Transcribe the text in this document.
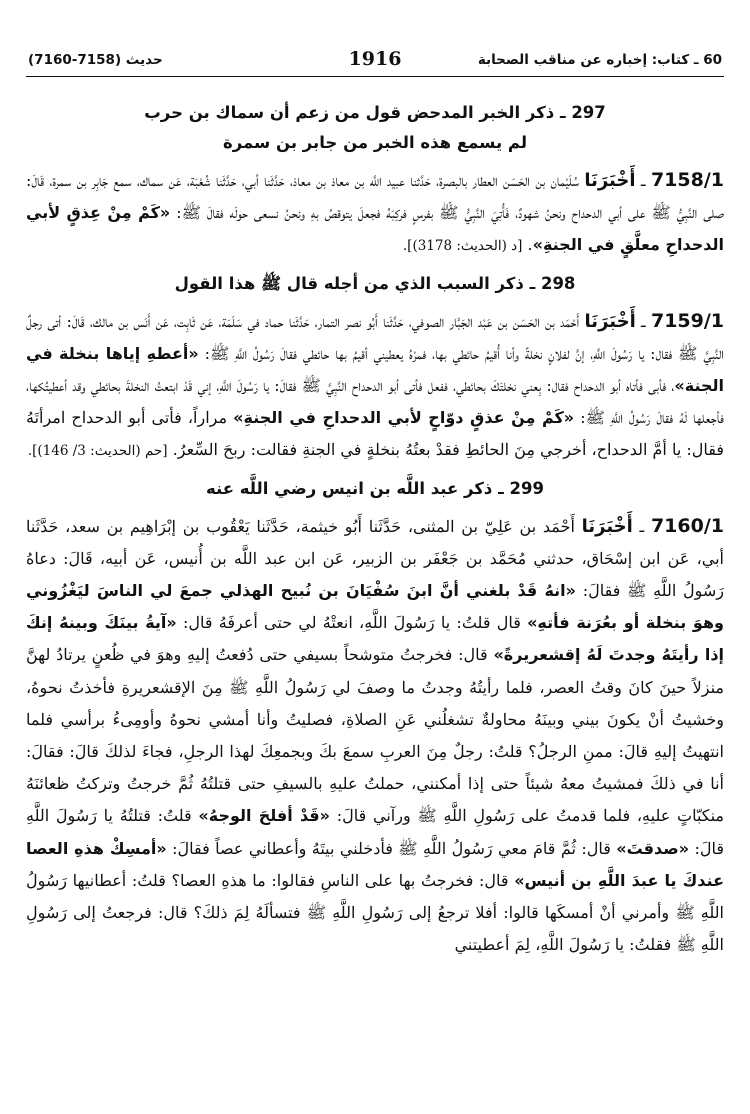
60 ـ كتاب: إخباره عن مناقب الصحابة
1916
حديث (7158-7160)
297 ـ ذكر الخبر المدحض قول من زعم أن سماك بن حرب
لم يسمع هذه الخبر من جابر بن سمرة

7158/1 ـ أَخْبَرَنَا سُلَيْمان بن الحَسَن العطار بالبصرة، حَدَّثنا عبيد اللَّه بن معاذ بن معاذ، حَدَّثَنا أبي، حَدَّثَنا شُعْبَة، عَن سماك، سمع جَابِر بن سمرة، قَالَ: صلى النَّبِيُّ ﷺ على أبي الدحداح ونحنُ شهودٌ، فَأُتِيَ النَّبِيُّ ﷺ بفرسٍ فركِبَهُ فجعلَ يتوقصُ بهِ ونحنُ نسعى حولَه فقالَ ﷺ: «كَمْ مِنْ عِذقٍ لأبي الدحداحِ معلَّقٍ في الجنةِ». [د (الحديث: 3178)].

298 ـ ذكر السبب الذي من أجله قال ﷺ هذا القول

7159/1 ـ أَخْبَرَنَا أَحْمَد بن الحَسَن بن عَبْد الجَبَّار الصوفي، حَدَّثَنا أَبُو نصر التمار، حَدَّثَنا حماد في سَلَمَة، عَن ثَابِت، عَن أَنَس بن مالك، قَالَ: أتى رجلٌ النَّبِيَّ ﷺ فقال: يا رَسُولَ اللَّهِ، إنَّ لفلانٍ نخلةً وأنا أُقيمُ حائطي بها، فمرْهُ يعطيني أقيمُ بها حائطي فقالَ رَسُولُ اللَّهِ ﷺ: «أعطهِ إياها بنخلة في الجنة»، فأبى فأتاه أبو الدحداح فقال: بِعني نخلتَكَ بحائطي، ففعل فأتى أبو الدحداح النَّبِيَّ ﷺ فقالَ: يا رَسُولَ اللَّهِ، إني قَدْ ابتعتُ النخلةَ بحائطي وقد أعطيتُكها، فأجعلها لَهُ فقالَ رَسُولُ اللَّهِ ﷺ: «كَمْ مِنْ عذقٍ دوّاحٍ لأبي الدحداحِ في الجنةِ» مراراً، فأتى أبو الدحداح امرأتَهُ فقال: يا أمَّ الدحداح، أخرجي مِنَ الحائطِ فقدْ بعتُهُ بنخلةٍ في الجنةِ فقالت: ربحَ السِّعرُ. [حم (الحديث: 3/ 146)].

299 ـ ذكر عبد اللَّه بن انيس رضي اللَّه عنه

7160/1 ـ أَخْبَرَنَا أَحْمَد بن عَلِيّ بن المثنى، حَدَّثَنا أَبُو خيثمة، حَدَّثَنا يَعْقُوب بن إبْرَاهِيم بن سعد، حَدَّثَنا أبي، عَن ابن إسْحَاق، حدثني مُحَمَّد بن جَعْفَر بن الزبير، عَن ابن عبد اللَّه بن أُنيس، عَن أبيه، قَالَ: دعاهُ رَسُولُ اللَّهِ ﷺ فقالَ: «انهُ قَدْ بلغني أنَّ ابنَ سُفْيَانَ بن نُبيح الهذلي جمعَ لي الناسَ ليَغْزُوني وهوَ بنخلة أو بعُرَنة فأتهِ» قال قلتُ: يا رَسُولَ اللَّهِ، انعتْهُ لي حتى أعرفَهُ قال: «آيةُ بينَكَ وبينهُ إنكَ إذا رأيتَهُ وجدتَ لَهُ إقشعريرةً» قال: فخرجتُ متوشحاً بسيفي حتى دُفعتُ إليهِ وهوَ في ظُعنٍ يرتادُ لهنَّ منزلاً حينَ كانَ وقتُ العصر، فلما رأيتُهُ وجدتُ ما وصفَ لي رَسُولُ اللَّهِ ﷺ مِنَ الإقشعريرةِ فأخذتُ نحوهُ، وخشيتُ أنْ يكونَ بيني وبينَهُ محاولةٌ تشغلُني عَنِ الصلاةِ، فصليتُ وأنا أمشي نحوهُ وأومِىءُ برأسي فلما انتهيتُ إليهِ قالَ: ممنِ الرجلُ؟ قلتُ: رجلٌ مِنَ العربِ سمعَ بكَ وبجمعِكَ لهذا الرجلِ، فجاءَ لذلكَ قالَ: فقالَ: أنا في ذلكَ فمشيتُ معهُ شيئاً حتى إذا أمكنني، حملتُ عليهِ بالسيفِ حتى قتلتُهُ ثُمَّ خرجتُ وتركتُ ظعائنَهُ منكبّاتٍ عليهِ، فلما قدمتُ على رَسُولِ اللَّهِ ﷺ ورآني قالَ: «قَدْ أفلحَ الوجهُ» قلتُ: قتلتُهُ يا رَسُولَ اللَّهِ قالَ: «صدقتَ» قال: ثُمَّ قامَ معي رَسُولُ اللَّهِ ﷺ فأدخلني بيتَهُ وأعطاني عصاً فقالَ: «أمسِكْ هذهِ العصا عندكَ يا عبدَ اللَّهِ بن أنيس» قال: فخرجتُ بها على الناسِ فقالوا: ما هذهِ العصا؟ قلتُ: أعطانيها رَسُولُ اللَّهِ ﷺ وأمرني أنْ أمسكَها قالوا: أفلا ترجعُ إلى رَسُولِ اللَّهِ ﷺ فتسألَهُ لِمَ ذلكَ؟ قال: فرجعتُ إلى رَسُولِ اللَّهِ ﷺ فقلتُ: يا رَسُولَ اللَّهِ، لِمَ أعطيتني
